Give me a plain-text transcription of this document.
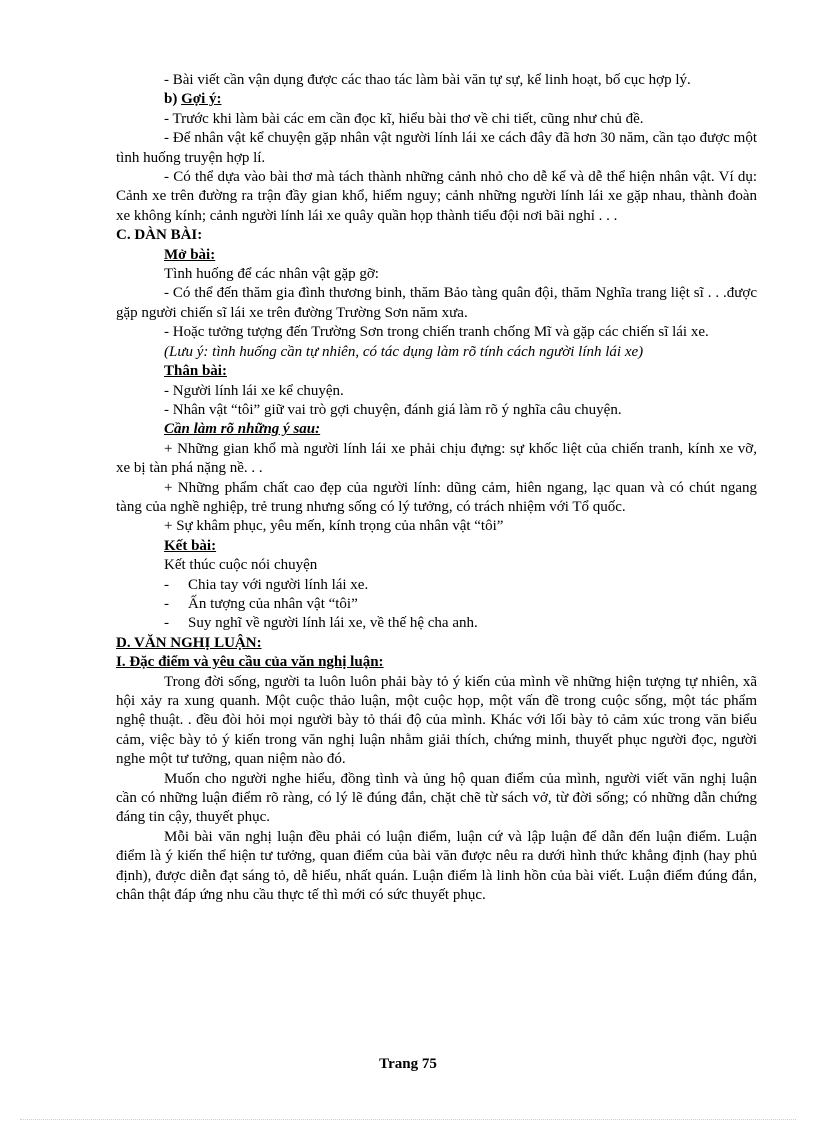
- Bài viết cần vận dụng được các thao tác làm bài văn tự sự, kể linh hoạt, bố cục hợp lý.

b) Gợi ý:

- Trước khi làm bài các em cần đọc kĩ, hiểu bài thơ về chi tiết, cũng như chủ đề.

- Để nhân vật kể chuyện gặp nhân vật người lính lái xe cách đây đã hơn 30 năm, cần tạo được một tình huống truyện hợp lí.

- Có thể dựa vào bài thơ mà tách thành những cảnh nhỏ cho dễ kể và dễ thể hiện nhân vật. Ví dụ: Cảnh xe trên đường ra trận đầy gian khổ, hiểm nguy; cảnh những người lính lái xe gặp nhau, thành đoàn xe không kính; cảnh người lính lái xe quây quần họp thành tiểu đội nơi bãi nghỉ . . .

C. DÀN BÀI:

Mở bài:

Tình huống để các nhân vật gặp gỡ:

- Có thể đến thăm gia đình thương binh, thăm Bảo tàng quân đội, thăm Nghĩa trang liệt sĩ . . .được gặp người chiến sĩ lái xe trên đường Trường Sơn năm xưa.

- Hoặc tưởng tượng đến Trường Sơn trong chiến tranh chống Mĩ và gặp các chiến sĩ lái xe.

(Lưu ý: tình huống cần tự nhiên, có tác dụng làm rõ tính cách người lính lái xe)

Thân bài:

- Người lính lái xe kể chuyện.

- Nhân vật “tôi” giữ vai trò gợi chuyện, đánh giá làm rõ ý nghĩa câu chuyện.

Cần làm rõ những ý sau:

+ Những gian khổ mà người lính lái xe phải chịu đựng: sự khốc liệt của chiến tranh, kính xe vỡ, xe bị tàn phá nặng nề. . .

+ Những phẩm chất cao đẹp của người lính: dũng cảm, hiên ngang, lạc quan và có chút ngang tàng của nghề nghiệp, trẻ trung nhưng sống có lý tưởng, có trách nhiệm với Tổ quốc.

+ Sự khâm phục, yêu mến, kính trọng của nhân vật “tôi”

Kết bài:

Kết thúc cuộc nói chuyện

-	Chia tay với người lính lái xe.
-	Ấn tượng của nhân vật “tôi”
-	Suy nghĩ về người lính lái xe, về thế hệ cha anh.

D. VĂN NGHỊ LUẬN:

I. Đặc điểm và yêu cầu của văn nghị luận:

Trong đời sống, người ta luôn luôn phải bày tỏ ý kiến của mình về những hiện tượng tự nhiên, xã hội xảy ra xung quanh. Một cuộc thảo luận, một cuộc họp, một vấn đề trong cuộc sống, một tác phẩm nghệ thuật. . đều đòi hỏi mọi người bày tỏ thái độ của mình. Khác với lối bày tỏ cảm xúc trong văn biểu cảm, việc bày tỏ ý kiến trong văn nghị luận nhằm giải thích, chứng minh, thuyết phục người đọc, người nghe một tư tưởng, quan niệm nào đó.

Muốn cho người nghe hiểu, đồng tình và ủng hộ quan điểm của mình, người viết văn nghị luận cần có những luận điểm rõ ràng, có lý lẽ đúng đắn, chặt chẽ từ sách vở, từ đời sống; có những dẫn chứng đáng tin cậy, thuyết phục.

Mỗi bài văn nghị luận đều phải có luận điểm, luận cứ và lập luận để dẫn đến luận điểm. Luận điểm là ý kiến thể hiện tư tưởng, quan điểm của bài văn được nêu ra dưới hình thức khẳng định (hay phủ định), được diễn đạt sáng tỏ, dễ hiểu, nhất quán. Luận điểm là linh hồn của bài viết. Luận điểm đúng đắn, chân thật đáp ứng nhu cầu thực tế thì mới có sức thuyết phục.

Trang 75
